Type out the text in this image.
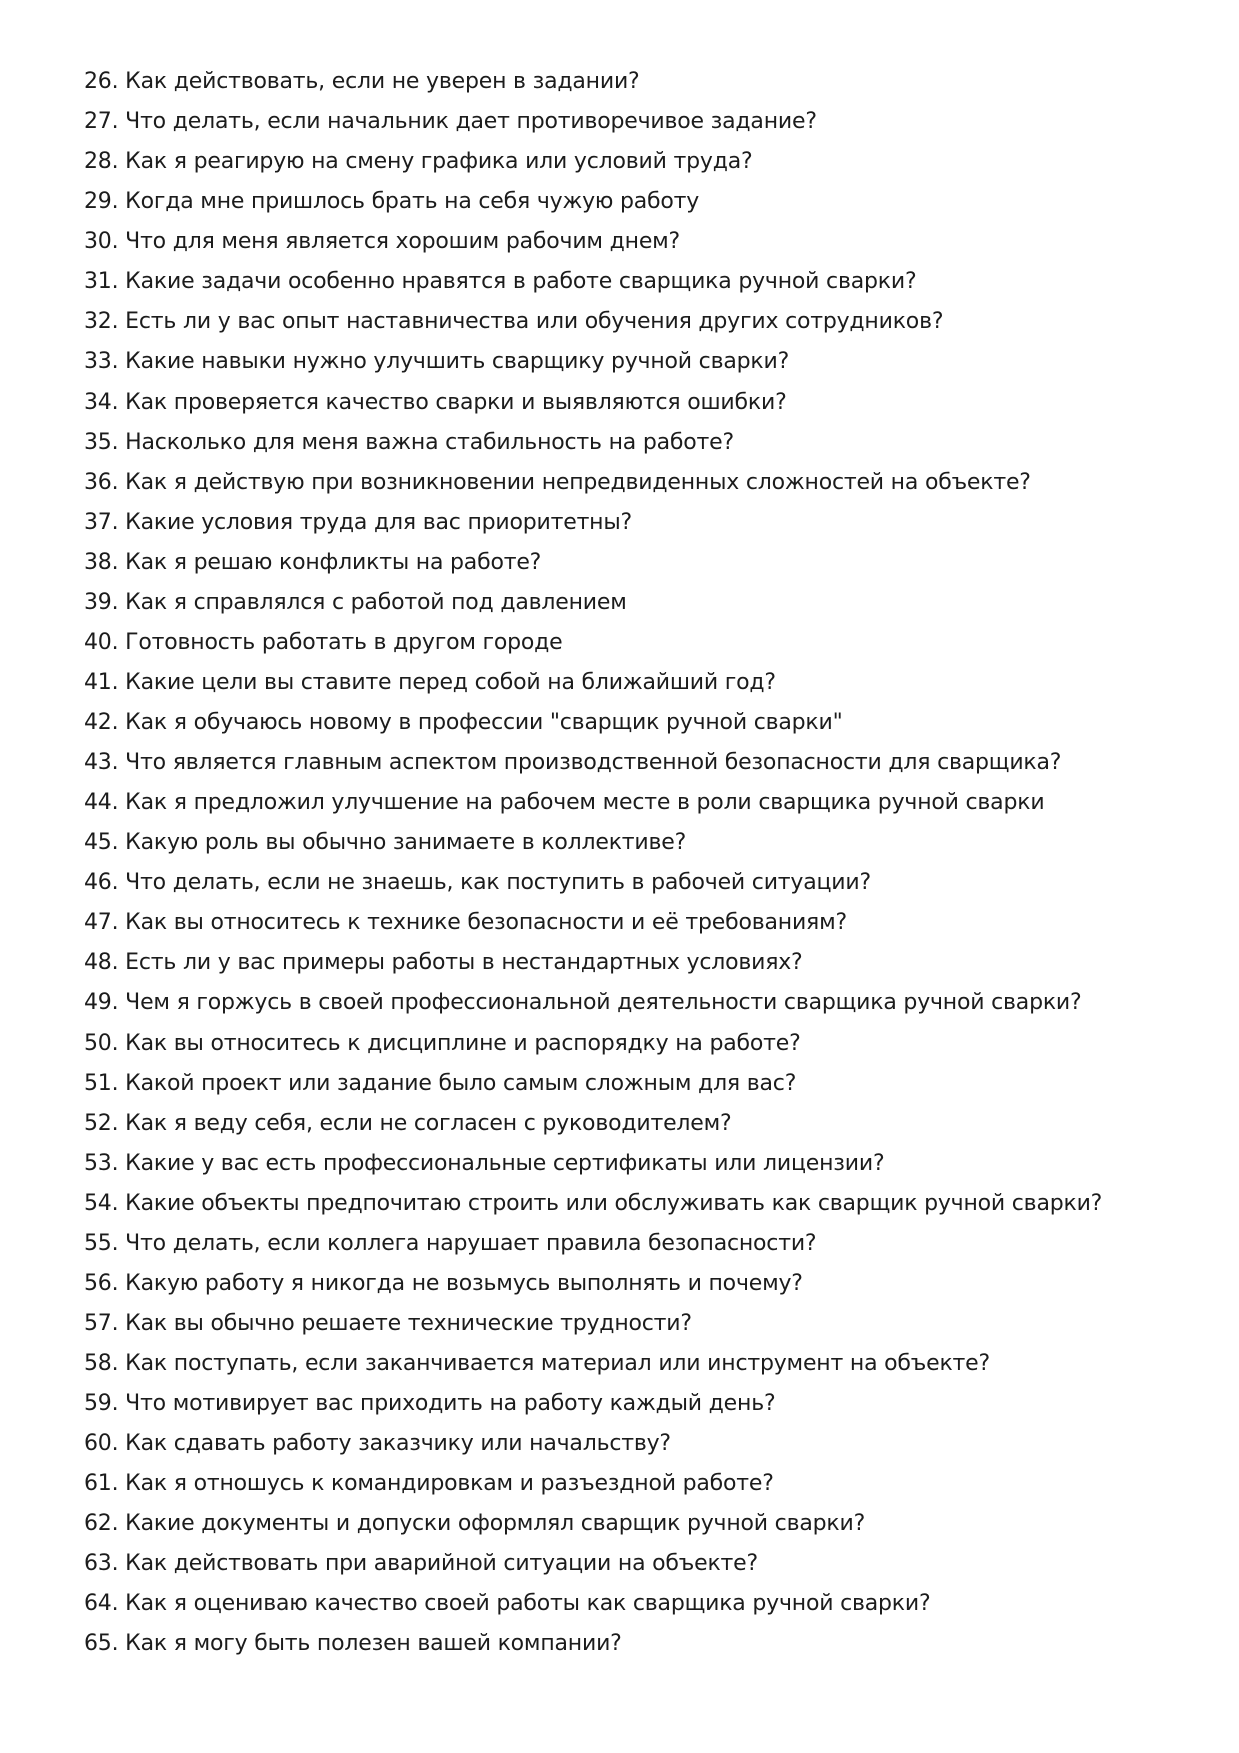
26. Как действовать, если не уверен в задании?
27. Что делать, если начальник дает противоречивое задание?
28. Как я реагирую на смену графика или условий труда?
29. Когда мне пришлось брать на себя чужую работу
30. Что для меня является хорошим рабочим днем?
31. Какие задачи особенно нравятся в работе сварщика ручной сварки?
32. Есть ли у вас опыт наставничества или обучения других сотрудников?
33. Какие навыки нужно улучшить сварщику ручной сварки?
34. Как проверяется качество сварки и выявляются ошибки?
35. Насколько для меня важна стабильность на работе?
36. Как я действую при возникновении непредвиденных сложностей на объекте?
37. Какие условия труда для вас приоритетны?
38. Как я решаю конфликты на работе?
39. Как я справлялся с работой под давлением
40. Готовность работать в другом городе
41. Какие цели вы ставите перед собой на ближайший год?
42. Как я обучаюсь новому в профессии "сварщик ручной сварки"
43. Что является главным аспектом производственной безопасности для сварщика?
44. Как я предложил улучшение на рабочем месте в роли сварщика ручной сварки
45. Какую роль вы обычно занимаете в коллективе?
46. Что делать, если не знаешь, как поступить в рабочей ситуации?
47. Как вы относитесь к технике безопасности и её требованиям?
48. Есть ли у вас примеры работы в нестандартных условиях?
49. Чем я горжусь в своей профессиональной деятельности сварщика ручной сварки?
50. Как вы относитесь к дисциплине и распорядку на работе?
51. Какой проект или задание было самым сложным для вас?
52. Как я веду себя, если не согласен с руководителем?
53. Какие у вас есть профессиональные сертификаты или лицензии?
54. Какие объекты предпочитаю строить или обслуживать как сварщик ручной сварки?
55. Что делать, если коллега нарушает правила безопасности?
56. Какую работу я никогда не возьмусь выполнять и почему?
57. Как вы обычно решаете технические трудности?
58. Как поступать, если заканчивается материал или инструмент на объекте?
59. Что мотивирует вас приходить на работу каждый день?
60. Как сдавать работу заказчику или начальству?
61. Как я отношусь к командировкам и разъездной работе?
62. Какие документы и допуски оформлял сварщик ручной сварки?
63. Как действовать при аварийной ситуации на объекте?
64. Как я оцениваю качество своей работы как сварщика ручной сварки?
65. Как я могу быть полезен вашей компании?
